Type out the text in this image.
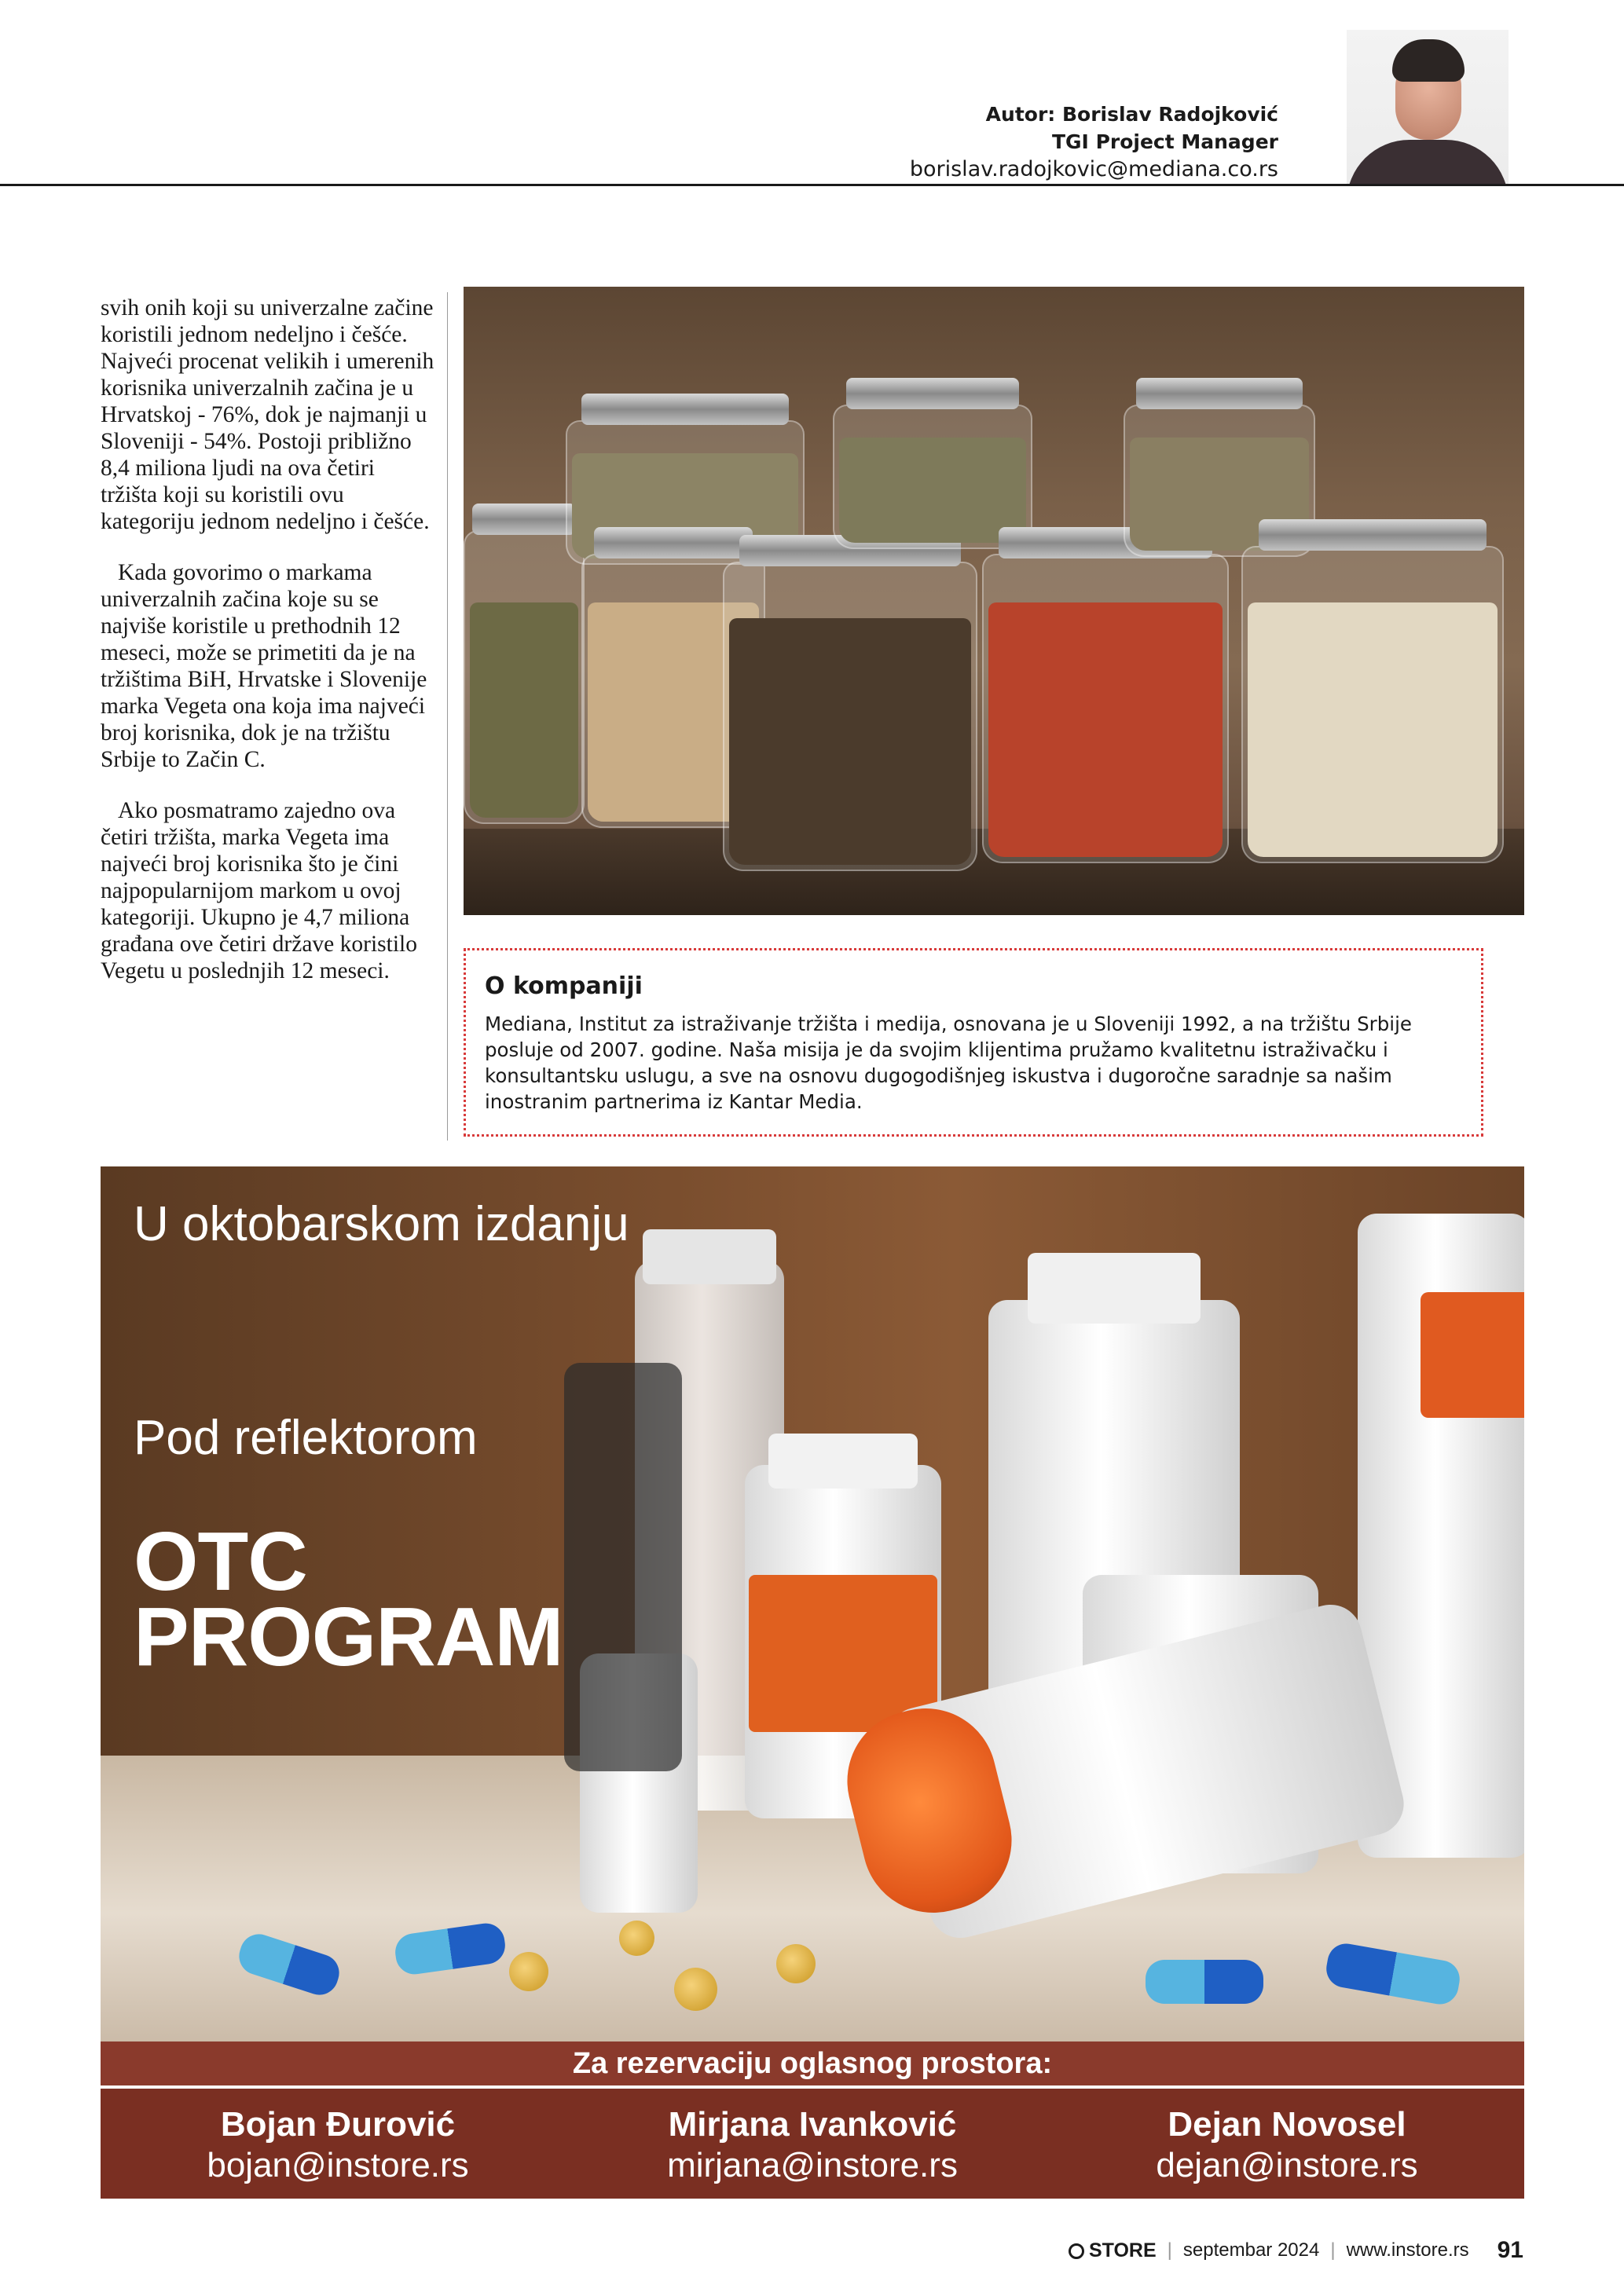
Autor: Borislav Radojković
TGI Project Manager
borislav.radojkovic@mediana.co.rs

svih onih koji su univerzalne začine koristili jednom nedeljno i češće. Najveći procenat velikih i umerenih korisnika univerzalnih začina je u Hrvatskoj - 76%, dok je najmanji u Sloveniji - 54%. Postoji približno 8,4 miliona ljudi na ova četiri tržišta koji su koristili ovu kategoriju jednom nedeljno i češće.

Kada govorimo o markama univerzalnih začina koje su se najviše koristile u prethodnih 12 meseci, može se primetiti da je na tržištima BiH, Hrvatske i Slovenije marka Vegeta ona koja ima najveći broj korisnika, dok je na tržištu Srbije to Začin C.

Ako posmatramo zajedno ova četiri tržišta, marka Vegeta ima najveći broj korisnika što je čini najpopularnijom markom u ovoj kategoriji. Ukupno je 4,7 miliona građana ove četiri države koristilo Vegetu u poslednjih 12 meseci.

O kompaniji

Mediana, Institut za istraživanje tržišta i medija, osnovana je u Sloveniji 1992, a na tržištu Srbije posluje od 2007. godine. Naša misija je da svojim klijentima pružamo kvalitetnu istraživačku i konsultantsku uslugu, a sve na osnovu dugogodišnjeg iskustva i dugoročne saradnje sa našim inostranim partnerima iz Kantar Media.

U oktobarskom izdanju
Pod reflektorom
OTC
PROGRAM
Za rezervaciju oglasnog prostora:
Bojan Đurović
bojan@instore.rs
Mirjana Ivanković
mirjana@instore.rs
Dejan Novosel
dejan@instore.rs
STORE | septembar 2024 | www.instore.rs 91
